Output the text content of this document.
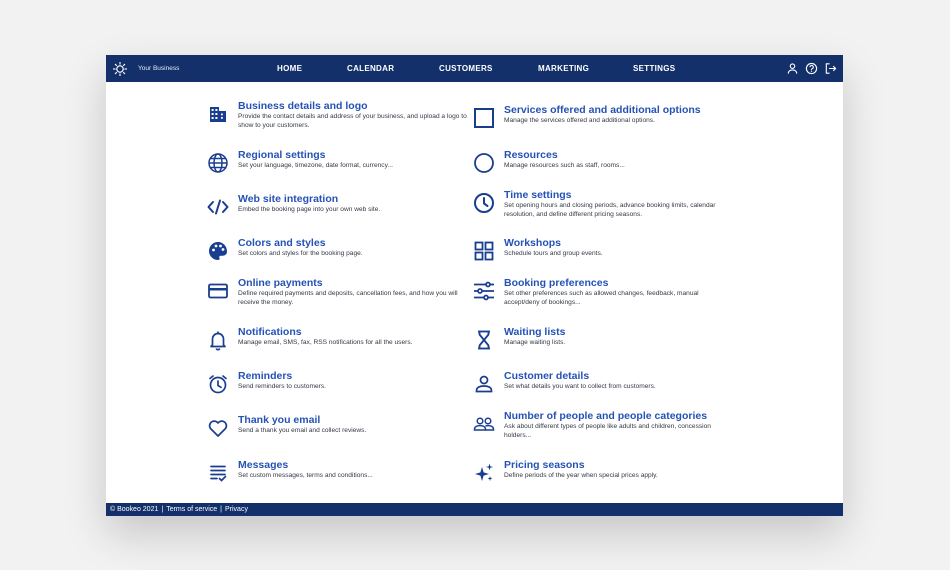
Your Business	HOME	CALENDAR	CUSTOMERS	MARKETING	SETTINGS
Business details and logo
Provide the contact details and address of your business, and upload a logo to show to your customers.
Regional settings
Set your language, timezone, date format, currency...
Web site integration
Embed the booking page into your own web site.
Colors and styles
Set colors and styles for the booking page.
Online payments
Define required payments and deposits, cancellation fees, and how you will receive the money.
Notifications
Manage email, SMS, fax, RSS notifications for all the users.
Reminders
Send reminders to customers.
Thank you email
Send a thank you email and collect reviews.
Messages
Set custom messages, terms and conditions...
Services offered and additional options
Manage the services offered and additional options.
Resources
Manage resources such as staff, rooms...
Time settings
Set opening hours and closing periods, advance booking limits, calendar resolution, and define different pricing seasons.
Workshops
Schedule tours and group events.
Booking preferences
Set other preferences such as allowed changes, feedback, manual accept/deny of bookings...
Waiting lists
Manage waiting lists.
Customer details
Set what details you want to collect from customers.
Number of people and people categories
Ask about different types of people like adults and children, concession holders...
Pricing seasons
Define periods of the year when special prices apply.
© Bookeo 2021 | Terms of service | Privacy
